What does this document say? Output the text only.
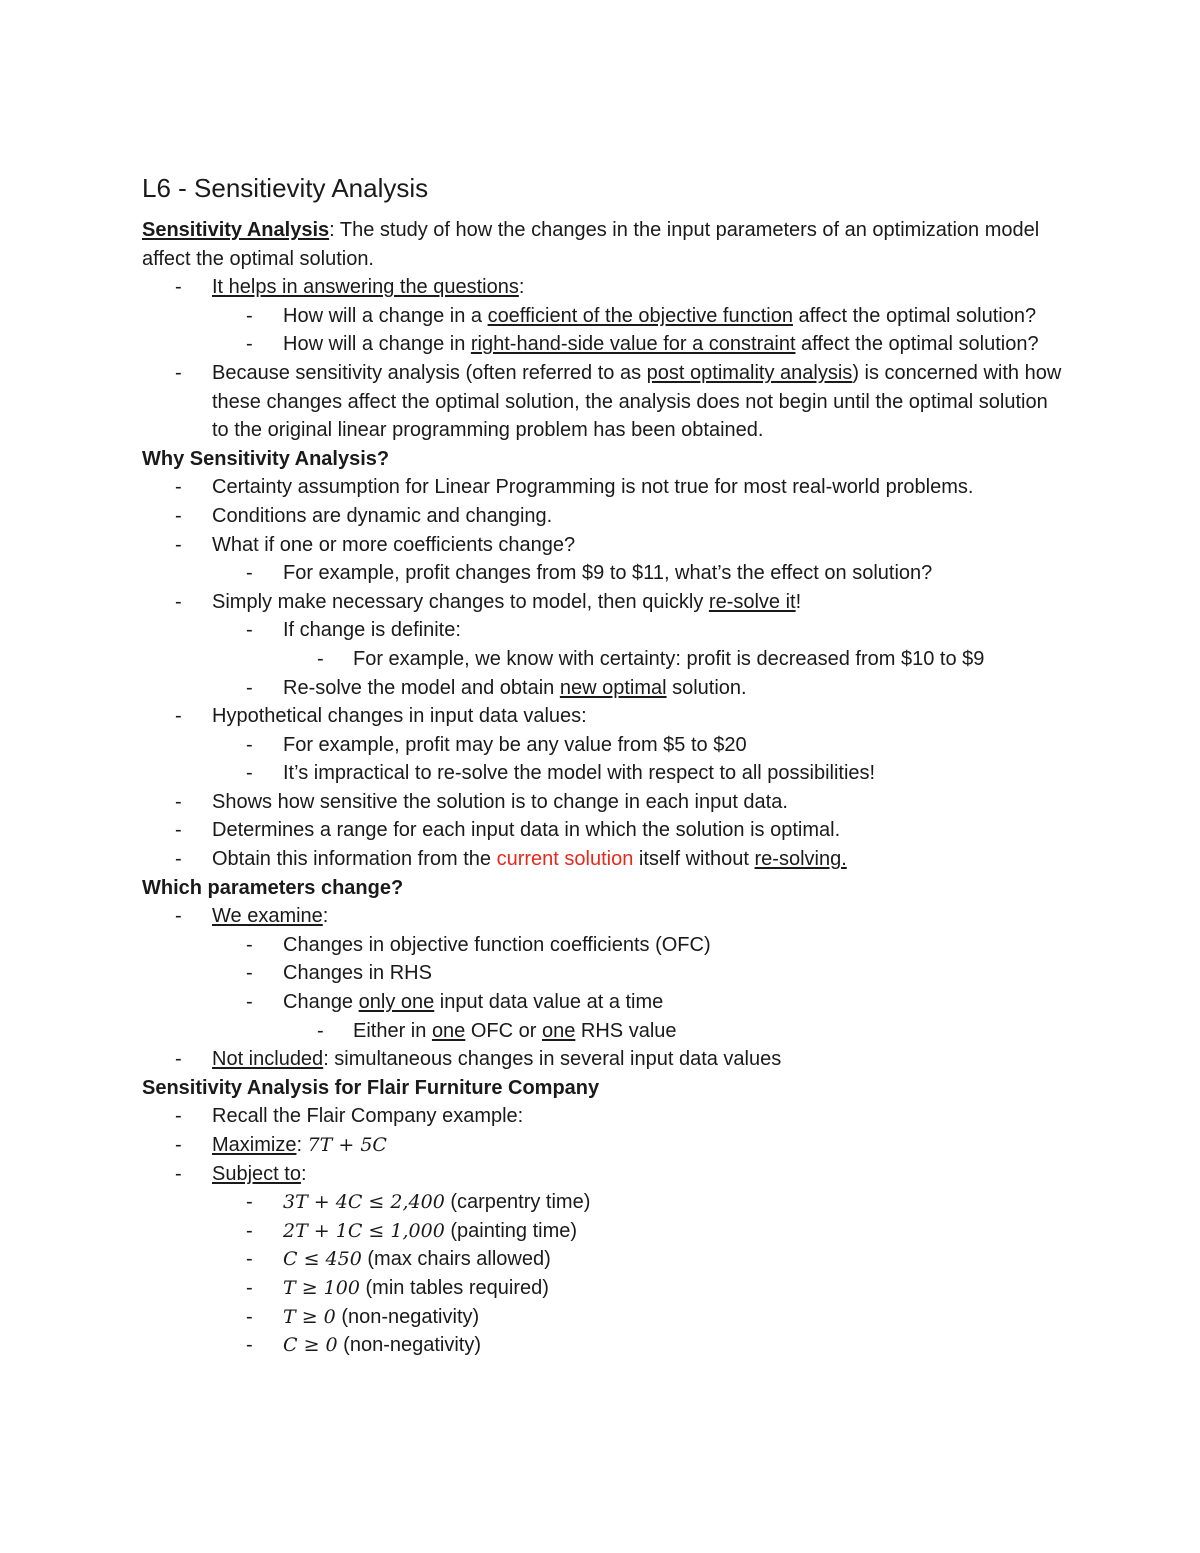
L6 - Sensitievity Analysis

Sensitivity Analysis: The study of how the changes in the input parameters of an optimization model affect the optimal solution.

- It helps in answering the questions:
- How will a change in a coefficient of the objective function affect the optimal solution?
- How will a change in right-hand-side value for a constraint affect the optimal solution?
- Because sensitivity analysis (often referred to as post optimality analysis) is concerned with how these changes affect the optimal solution, the analysis does not begin until the optimal solution to the original linear programming problem has been obtained.
Why Sensitivity Analysis?
- Certainty assumption for Linear Programming is not true for most real-world problems.
- Conditions are dynamic and changing.
- What if one or more coefficients change?
- For example, profit changes from $9 to $11, what’s the effect on solution?
- Simply make necessary changes to model, then quickly re-solve it!
- If change is definite:
- For example, we know with certainty: profit is decreased from $10 to $9
- Re-solve the model and obtain new optimal solution.
- Hypothetical changes in input data values:
- For example, profit may be any value from $5 to $20
- It’s impractical to re-solve the model with respect to all possibilities!
- Shows how sensitive the solution is to change in each input data.
- Determines a range for each input data in which the solution is optimal.
- Obtain this information from the current solution itself without re-solving.
Which parameters change?
- We examine:
- Changes in objective function coefficients (OFC)
- Changes in RHS
- Change only one input data value at a time
- Either in one OFC or one RHS value
- Not included: simultaneous changes in several input data values
Sensitivity Analysis for Flair Furniture Company
- Recall the Flair Company example:
- Maximize: 7T + 5C
- Subject to:
- 3T + 4C ≤ 2,400 (carpentry time)
- 2T + 1C ≤ 1,000 (painting time)
- C ≤ 450 (max chairs allowed)
- T ≥ 100 (min tables required)
- T ≥ 0 (non-negativity)
- C ≥ 0 (non-negativity)
